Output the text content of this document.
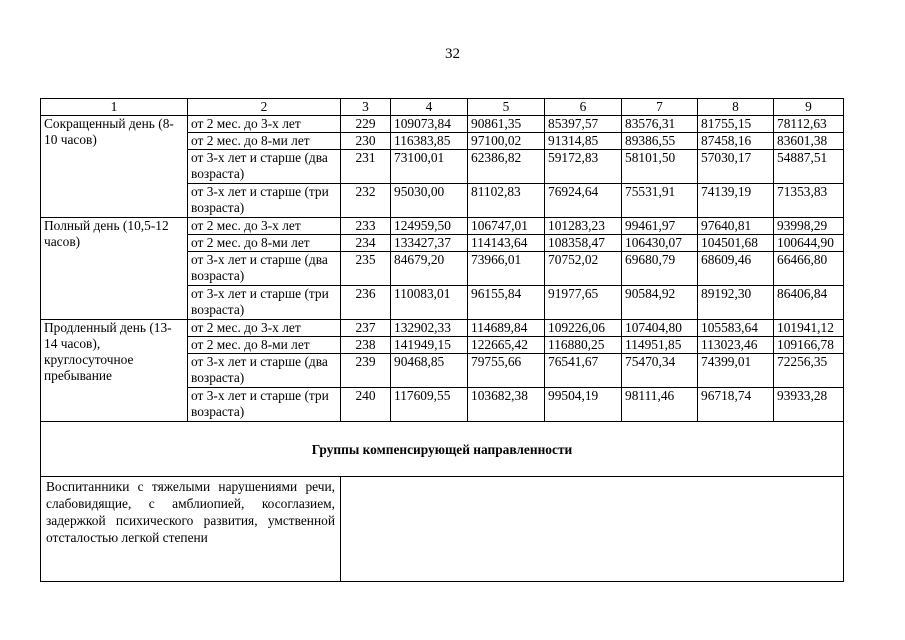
32
1	2	3	4	5	6	7	8	9
Сокращенный день (8-10 часов)	от 2 мес. до 3-х лет	229	109073,84	90861,35	85397,57	83576,31	81755,15	78112,63
	от 2 мес. до 8-ми лет	230	116383,85	97100,02	91314,85	89386,55	87458,16	83601,38
	от 3-х лет и старше (два возраста)	231	73100,01	62386,82	59172,83	58101,50	57030,17	54887,51
	от 3-х лет и старше (три возраста)	232	95030,00	81102,83	76924,64	75531,91	74139,19	71353,83
Полный день (10,5-12 часов)	от 2 мес. до 3-х лет	233	124959,50	106747,01	101283,23	99461,97	97640,81	93998,29
	от 2 мес. до 8-ми лет	234	133427,37	114143,64	108358,47	106430,07	104501,68	100644,90
	от 3-х лет и старше (два возраста)	235	84679,20	73966,01	70752,02	69680,79	68609,46	66466,80
	от 3-х лет и старше (три возраста)	236	110083,01	96155,84	91977,65	90584,92	89192,30	86406,84
Продленный день (13-14 часов), круглосуточное пребывание	от 2 мес. до 3-х лет	237	132902,33	114689,84	109226,06	107404,80	105583,64	101941,12
	от 2 мес. до 8-ми лет	238	141949,15	122665,42	116880,25	114951,85	113023,46	109166,78
	от 3-х лет и старше (два возраста)	239	90468,85	79755,66	76541,67	75470,34	74399,01	72256,35
	от 3-х лет и старше (три возраста)	240	117609,55	103682,38	99504,19	98111,46	96718,74	93933,28
Группы компенсирующей направленности								
Воспитанники с тяжелыми нарушениями речи, слабовидящие, с амблиопией, косоглазием, задержкой психического развития, умственной отсталостью легкой степени								
